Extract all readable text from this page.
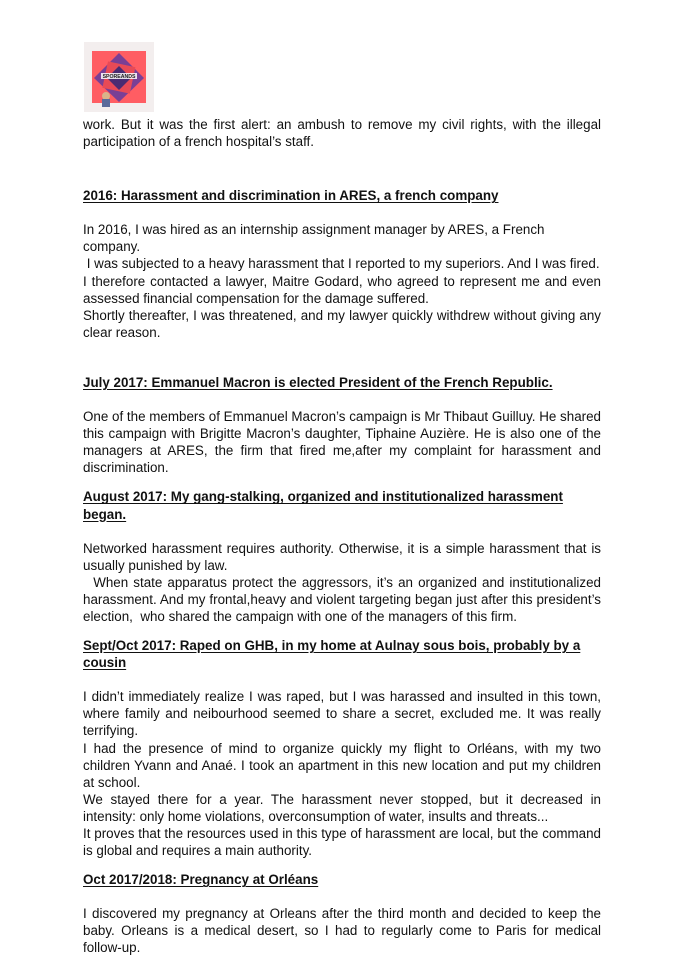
SPOREANDS

work. But it was the first alert: an ambush to remove my civil rights, with the illegal participation of a french hospital’s staff.

2016: Harassment and discrimination in ARES, a french company

In 2016, I was hired as an internship assignment manager by ARES, a French company.

I was subjected to a heavy harassment that I reported to my superiors. And I was fired.

I therefore contacted a lawyer, Maitre Godard, who agreed to represent me and even assessed financial compensation for the damage suffered.

Shortly thereafter, I was threatened, and my lawyer quickly withdrew without giving any clear reason.

July 2017: Emmanuel Macron is elected President of the French Republic.

One of the members of Emmanuel Macron’s campaign is Mr Thibaut Guilluy. He shared this campaign with Brigitte Macron’s daughter, Tiphaine Auzière. He is also one of the managers at ARES, the firm that fired me,after my complaint for harassment and discrimination.

August 2017: My gang-stalking, organized and institutionalized harassment began.

Networked harassment requires authority. Otherwise, it is a simple harassment that is usually punished by law.

When state apparatus protect the aggressors, it’s an organized and institutionalized harassment. And my frontal,heavy and violent targeting began just after this president’s election,  who shared the campaign with one of the managers of this firm.

Sept/Oct 2017: Raped on GHB, in my home at Aulnay sous bois, probably by a cousin

I didn’t immediately realize I was raped, but I was harassed and insulted in this town, where family and neibourhood seemed to share a secret, excluded me. It was really terrifying.

I had the presence of mind to organize quickly my flight to Orléans, with my two children Yvann and Anaé. I took an apartment in this new location and put my children at school.

We stayed there for a year. The harassment never stopped, but it decreased in intensity: only home violations, overconsumption of water, insults and threats...

It proves that the resources used in this type of harassment are local, but the command is global and requires a main authority.

Oct 2017/2018: Pregnancy at Orléans

I discovered my pregnancy at Orleans after the third month and decided to keep the baby. Orleans is a medical desert, so I had to regularly come to Paris for medical follow-up.
